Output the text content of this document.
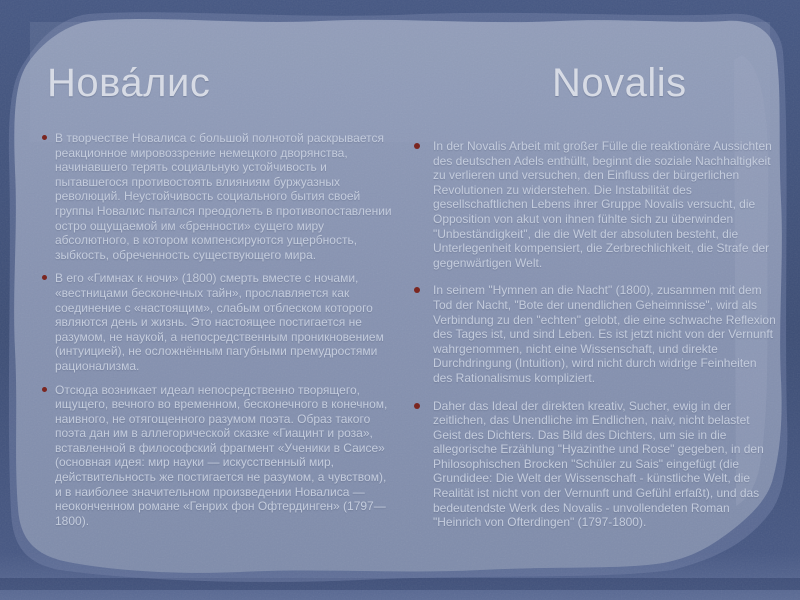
Нова́лис	Novalis
В творчестве Новалиса с большой полнотой раскрывается реакционное мировоззрение немецкого дворянства, начинавшего терять социальную устойчивость и пытавшегося противостоять влияниям буржуазных революций. Неустойчивость социального бытия своей группы Новалис пытался преодолеть в противопоставлении остро ощущаемой им «бренности» сущего миру абсолютного, в котором компенсируются ущербность, зыбкость, обреченность существующего мира.
В его «Гимнах к ночи» (1800) смерть вместе с ночами, «вестницами бесконечных тайн», прославляется как соединение с «настоящим», слабым отблеском которого являются день и жизнь. Это настоящее постигается не разумом, не наукой, а непосредственным проникновением (интуицией), не осложнённым пагубными премудростями рационализма.
Отсюда возникает идеал непосредственно творящего, ищущего, вечного во временном, бесконечного в конечном, наивного, не отягощенного разумом поэта. Образ такого поэта дан им в аллегорической сказке «Гиацинт и роза», вставленной в философский фрагмент «Ученики в Саисе» (основная идея: мир науки — искусственный мир, действительность же постигается не разумом, а чувством), и в наиболее значительном произведении Новалиса — неоконченном романе «Генрих фон Офтердинген» (1797—1800).
In der Novalis Arbeit mit großer Fülle die reaktionäre Aussichten des deutschen Adels enthüllt, beginnt die soziale Nachhaltigkeit zu verlieren und versuchen, den Einfluss der bürgerlichen Revolutionen zu widerstehen. Die Instabilität des gesellschaftlichen Lebens ihrer Gruppe Novalis versucht, die Opposition von akut von ihnen fühlte sich zu überwinden "Unbeständigkeit", die die Welt der absoluten besteht, die Unterlegenheit kompensiert, die Zerbrechlichkeit, die Strafe der gegenwärtigen Welt.
In seinem "Hymnen an die Nacht" (1800), zusammen mit dem Tod der Nacht, "Bote der unendlichen Geheimnisse", wird als Verbindung zu den "echten" gelobt, die eine schwache Reflexion des Tages ist, und sind Leben. Es ist jetzt nicht von der Vernunft wahrgenommen, nicht eine Wissenschaft, und direkte Durchdringung (Intuition), wird nicht durch widrige Feinheiten des Rationalismus kompliziert.
Daher das Ideal der direkten kreativ, Sucher, ewig in der zeitlichen, das Unendliche im Endlichen, naiv, nicht belastet Geist des Dichters. Das Bild des Dichters, um sie in die allegorische Erzählung "Hyazinthe und Rose" gegeben, in den Philosophischen Brocken "Schüler zu Sais" eingefügt (die Grundidee: Die Welt der Wissenschaft - künstliche Welt, die Realität ist nicht von der Vernunft und Gefühl erfaßt), und das bedeutendste Werk des Novalis - unvollendeten Roman "Heinrich von Ofterdingen" (1797-1800).
